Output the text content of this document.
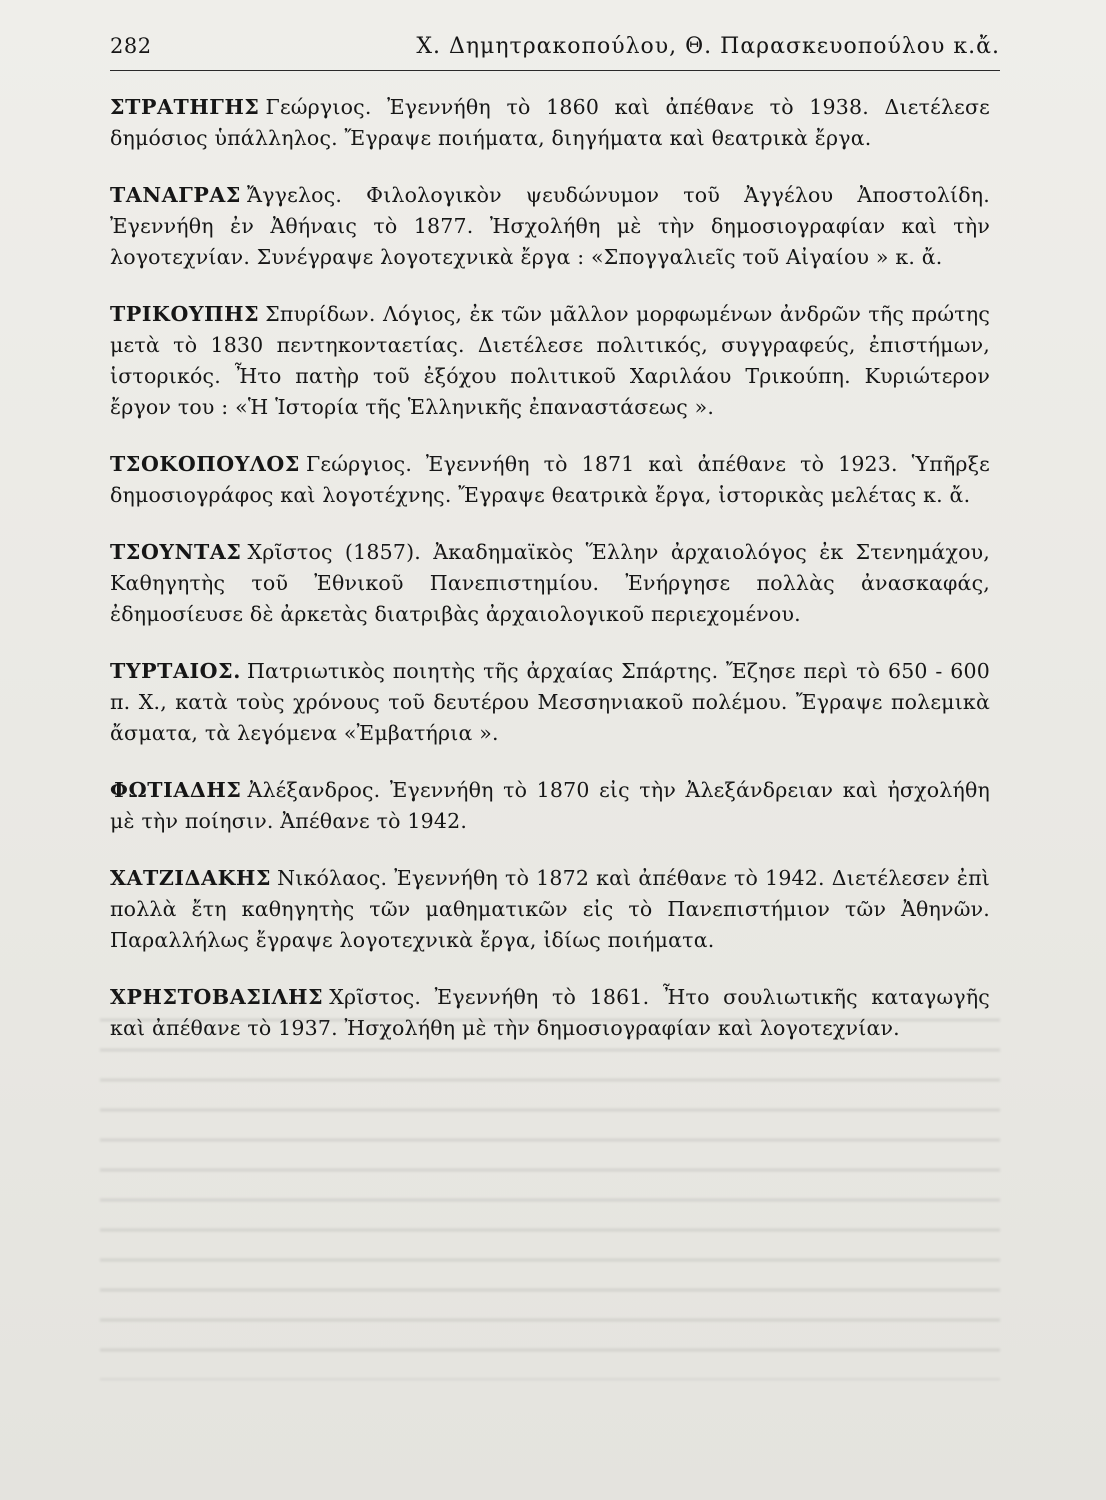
282	Χ. Δημητρακοπούλου, Θ. Παρασκευοπούλου κ.ἄ.

ΣΤΡΑΤΗΓΗΣ Γεώργιος. Ἐγεννήθη τὸ 1860 καὶ ἀπέθανε τὸ 1938. Διετέλεσε δημόσιος ὑπάλληλος. Ἔγραψε ποιήματα, διηγήματα καὶ θεατρικὰ ἔργα.

ΤΑΝΑΓΡΑΣ Ἄγγελος. Φιλολογικὸν ψευδώνυμον τοῦ Ἀγγέλου Ἀποστολίδη. Ἐγεννήθη ἐν Ἀθήναις τὸ 1877. Ἠσχολήθη μὲ τὴν δημοσιογραφίαν καὶ τὴν λογοτεχνίαν. Συνέγραψε λογοτεχνικὰ ἔργα : «Σπογγαλιεῖς τοῦ Αἰγαίου » κ. ἄ.

ΤΡΙΚΟΥΠΗΣ Σπυρίδων. Λόγιος, ἐκ τῶν μᾶλλον μορφωμένων ἀνδρῶν τῆς πρώτης μετὰ τὸ 1830 πεντηκονταετίας. Διετέλεσε πολιτικός, συγγραφεύς, ἐπιστήμων, ἱστορικός. Ἦτο πατὴρ τοῦ ἐξόχου πολιτικοῦ Χαριλάου Τρικούπη. Κυριώτερον ἔργον του : «Ἡ Ἱστορία τῆς Ἑλληνικῆς ἐπαναστάσεως ».

ΤΣΟΚΟΠΟΥΛΟΣ Γεώργιος. Ἐγεννήθη τὸ 1871 καὶ ἀπέθανε τὸ 1923. Ὑπῆρξε δημοσιογράφος καὶ λογοτέχνης. Ἔγραψε θεατρικὰ ἔργα, ἱστορικὰς μελέτας κ. ἄ.

ΤΣΟΥΝΤΑΣ Χρῖστος (1857). Ἀκαδημαϊκὸς Ἕλλην ἀρχαιολόγος ἐκ Στενημάχου, Καθηγητὴς τοῦ Ἐθνικοῦ Πανεπιστημίου. Ἐνήργησε πολλὰς ἀνασκαφάς, ἐδημοσίευσε δὲ ἀρκετὰς διατριβὰς ἀρχαιολογικοῦ περιεχομένου.

ΤΥΡΤΑΙΟΣ. Πατριωτικὸς ποιητὴς τῆς ἀρχαίας Σπάρτης. Ἔζησε περὶ τὸ 650 - 600 π. Χ., κατὰ τοὺς χρόνους τοῦ δευτέρου Μεσσηνιακοῦ πολέμου. Ἔγραψε πολεμικὰ ἄσματα, τὰ λεγόμενα «Ἐμβατήρια ».

ΦΩΤΙΑΔΗΣ Ἀλέξανδρος. Ἐγεννήθη τὸ 1870 εἰς τὴν Ἀλεξάνδρειαν καὶ ἠσχολήθη μὲ τὴν ποίησιν. Ἀπέθανε τὸ 1942.

ΧΑΤΖΙΔΑΚΗΣ Νικόλαος. Ἐγεννήθη τὸ 1872 καὶ ἀπέθανε τὸ 1942. Διετέλεσεν ἐπὶ πολλὰ ἔτη καθηγητὴς τῶν μαθηματικῶν εἰς τὸ Πανεπιστήμιον τῶν Ἀθηνῶν. Παραλλήλως ἔγραψε λογοτεχνικὰ ἔργα, ἰδίως ποιήματα.

ΧΡΗΣΤΟΒΑΣΙΛΗΣ Χρῖστος. Ἐγεννήθη τὸ 1861. Ἦτο σουλιωτικῆς καταγωγῆς καὶ ἀπέθανε τὸ 1937. Ἠσχολήθη μὲ τὴν δημοσιογραφίαν καὶ λογοτεχνίαν.
